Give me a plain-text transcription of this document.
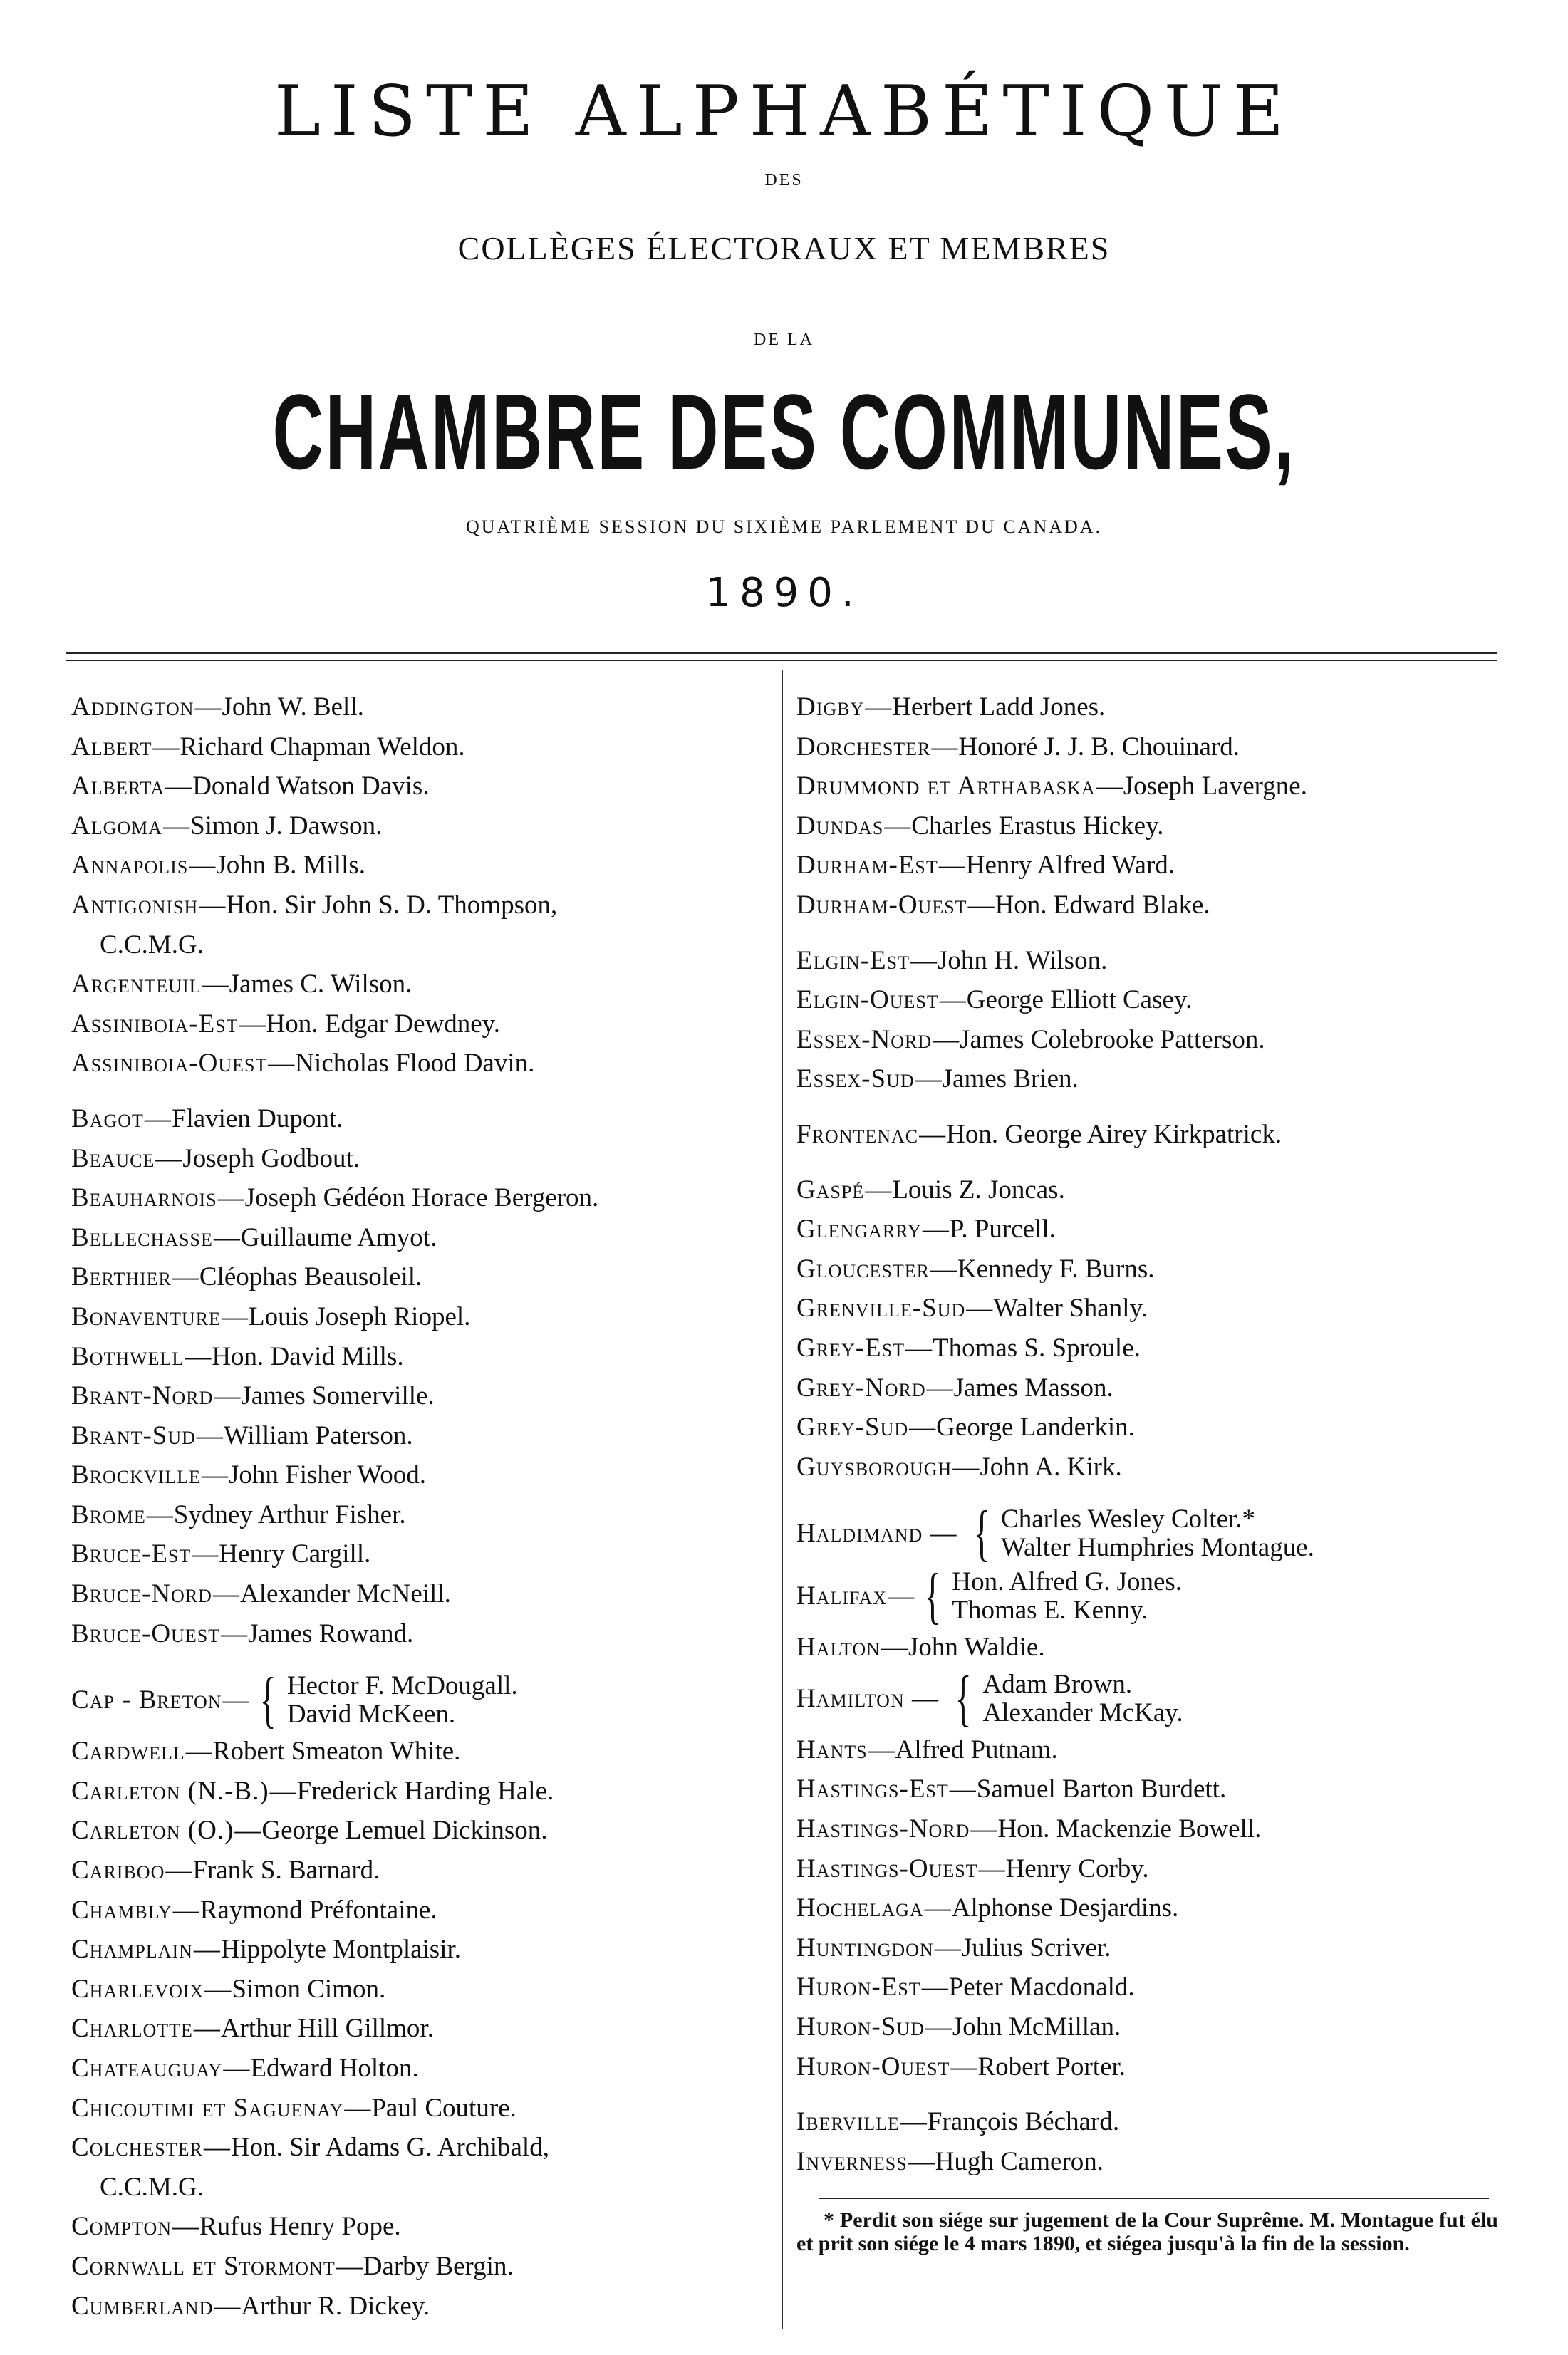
LISTE ALPHABÉTIQUE
DES
COLLÈGES ÉLECTORAUX ET MEMBRES
DE LA
CHAMBRE DES COMMUNES,
QUATRIÈME SESSION DU SIXIÈME PARLEMENT DU CANADA.
1890.
Addington—John W. Bell.
Albert—Richard Chapman Weldon.
Alberta—Donald Watson Davis.
Algoma—Simon J. Dawson.
Annapolis—John B. Mills.
Antigonish—Hon. Sir John S. D. Thompson,
C.C.M.G.
Argenteuil—James C. Wilson.
Assiniboia-Est—Hon. Edgar Dewdney.
Assiniboia-Ouest—Nicholas Flood Davin.
Bagot—Flavien Dupont.
Beauce—Joseph Godbout.
Beauharnois—Joseph Gédéon Horace Bergeron.
Bellechasse—Guillaume Amyot.
Berthier—Cléophas Beausoleil.
Bonaventure—Louis Joseph Riopel.
Bothwell—Hon. David Mills.
Brant-Nord—James Somerville.
Brant-Sud—William Paterson.
Brockville—John Fisher Wood.
Brome—Sydney Arthur Fisher.
Bruce-Est—Henry Cargill.
Bruce-Nord—Alexander McNeill.
Bruce-Ouest—James Rowand.
Cap - Breton — { Hector F. McDougall.
David McKeen.
Cardwell—Robert Smeaton White.
Carleton (N.-B.)—Frederick Harding Hale.
Carleton (O.)—George Lemuel Dickinson.
Cariboo—Frank S. Barnard.
Chambly—Raymond Préfontaine.
Champlain—Hippolyte Montplaisir.
Charlevoix—Simon Cimon.
Charlotte—Arthur Hill Gillmor.
Chateauguay—Edward Holton.
Chicoutimi et Saguenay—Paul Couture.
Colchester—Hon. Sir Adams G. Archibald,
C.C.M.G.
Compton—Rufus Henry Pope.
Cornwall et Stormont—Darby Bergin.
Cumberland—Arthur R. Dickey.
Digby—Herbert Ladd Jones.
Dorchester—Honoré J. J. B. Chouinard.
Drummond et Arthabaska—Joseph Lavergne.
Dundas—Charles Erastus Hickey.
Durham-Est—Henry Alfred Ward.
Durham-Ouest—Hon. Edward Blake.
Elgin-Est—John H. Wilson.
Elgin-Ouest—George Elliott Casey.
Essex-Nord—James Colebrooke Patterson.
Essex-Sud—James Brien.
Frontenac—Hon. George Airey Kirkpatrick.
Gaspé—Louis Z. Joncas.
Glengarry—P. Purcell.
Gloucester—Kennedy F. Burns.
Grenville-Sud—Walter Shanly.
Grey-Est—Thomas S. Sproule.
Grey-Nord—James Masson.
Grey-Sud—George Landerkin.
Guysborough—John A. Kirk.
Haldimand — { Charles Wesley Colter.*
Walter Humphries Montague.
Halifax — { Hon. Alfred G. Jones.
Thomas E. Kenny.
Halton—John Waldie.
Hamilton — { Adam Brown.
Alexander McKay.
Hants—Alfred Putnam.
Hastings-Est—Samuel Barton Burdett.
Hastings-Nord—Hon. Mackenzie Bowell.
Hastings-Ouest—Henry Corby.
Hochelaga—Alphonse Desjardins.
Huntingdon—Julius Scriver.
Huron-Est—Peter Macdonald.
Huron-Sud—John McMillan.
Huron-Ouest—Robert Porter.
Iberville—François Béchard.
Inverness—Hugh Cameron.
* Perdit son siége sur jugement de la Cour Suprême. M. Montague fut élu et prit son siége le 4 mars 1890, et siégea jusqu'à la fin de la session.
